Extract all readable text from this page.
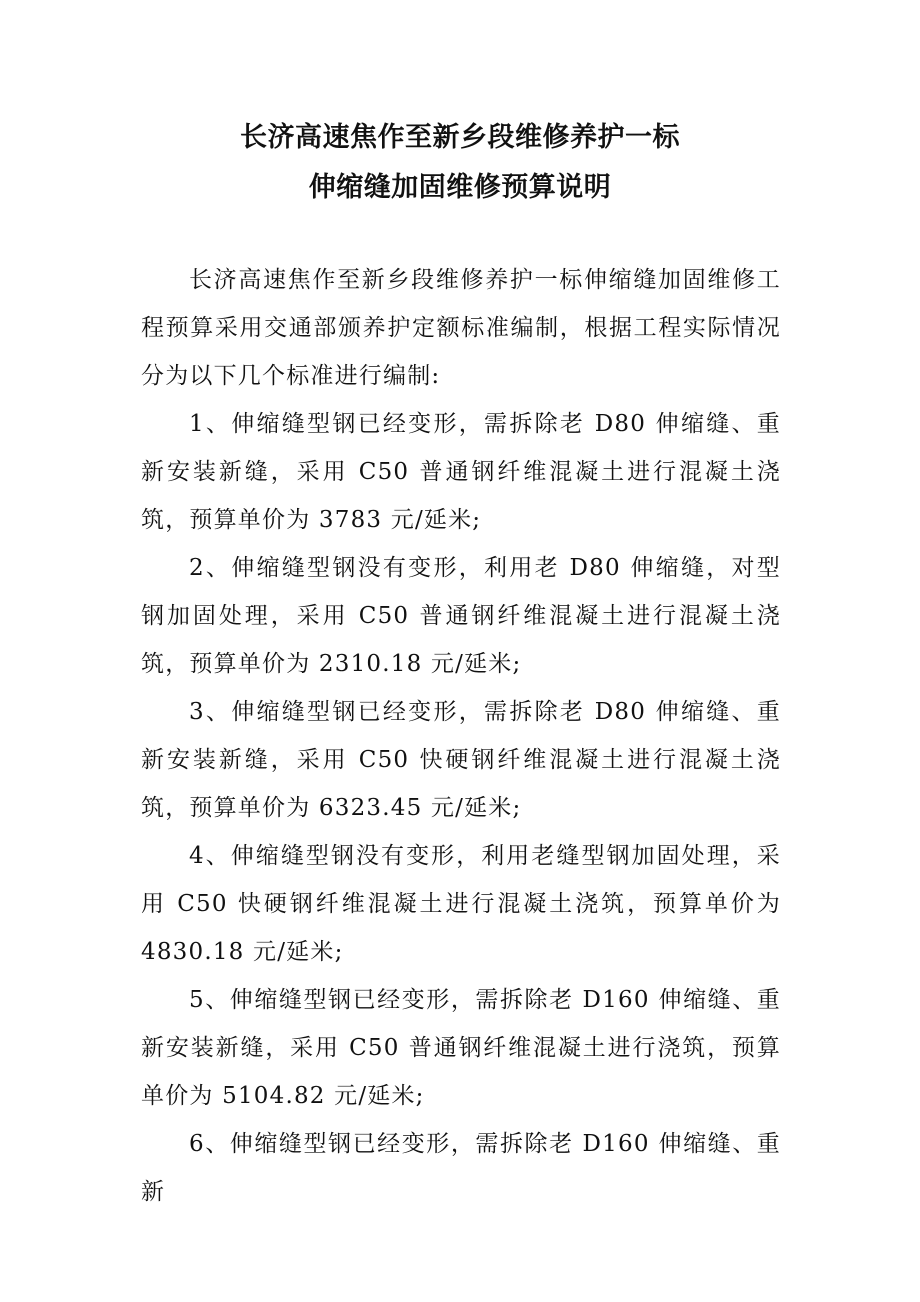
长济高速焦作至新乡段维修养护一标
伸缩缝加固维修预算说明

长济高速焦作至新乡段维修养护一标伸缩缝加固维修工程预算采用交通部颁养护定额标准编制，根据工程实际情况分为以下几个标准进行编制:

1、伸缩缝型钢已经变形，需拆除老 D80 伸缩缝、重新安装新缝，采用 C50 普通钢纤维混凝土进行混凝土浇筑，预算单价为 3783 元/延米;

2、伸缩缝型钢没有变形，利用老 D80 伸缩缝，对型钢加固处理，采用 C50 普通钢纤维混凝土进行混凝土浇筑，预算单价为 2310.18 元/延米;

3、伸缩缝型钢已经变形，需拆除老 D80 伸缩缝、重新安装新缝，采用 C50 快硬钢纤维混凝土进行混凝土浇筑，预算单价为 6323.45 元/延米;

4、伸缩缝型钢没有变形，利用老缝型钢加固处理，采用 C50 快硬钢纤维混凝土进行混凝土浇筑，预算单价为 4830.18 元/延米;

5、伸缩缝型钢已经变形，需拆除老 D160 伸缩缝、重新安装新缝，采用 C50 普通钢纤维混凝土进行浇筑，预算单价为 5104.82 元/延米;

6、伸缩缝型钢已经变形，需拆除老 D160 伸缩缝、重新
